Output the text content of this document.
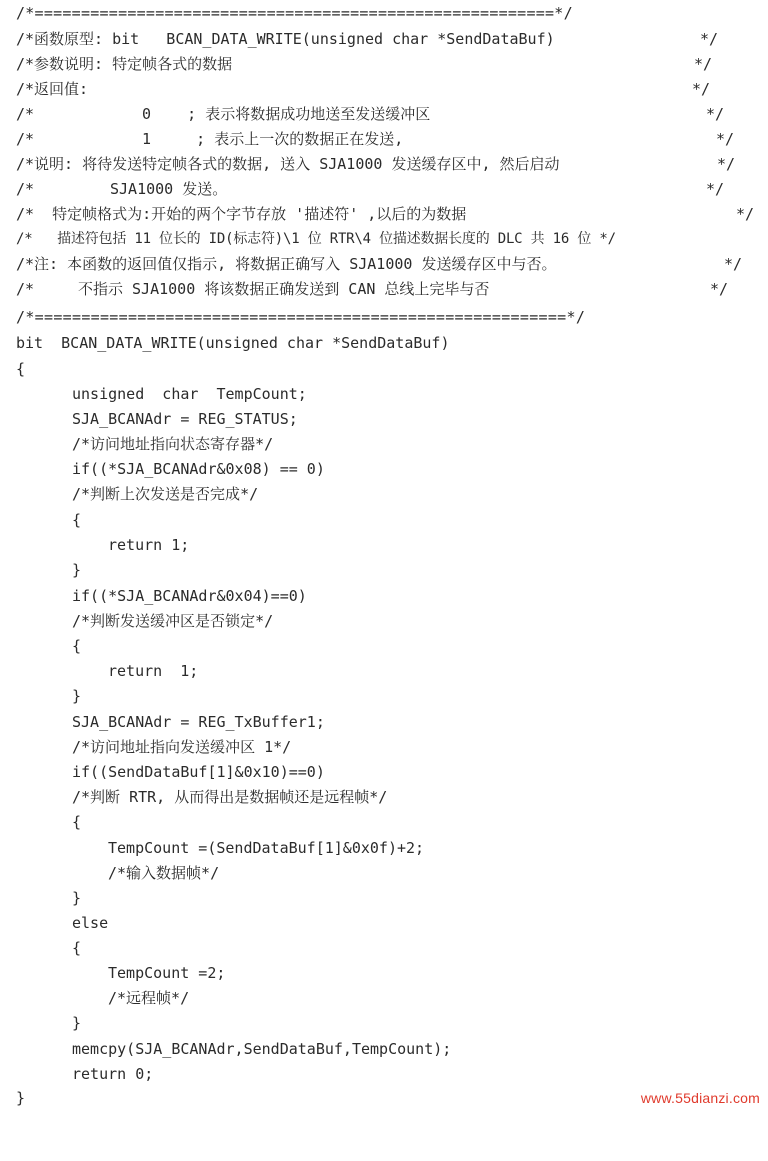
/*========================================================*/

/*函数原型: bit   BCAN_DATA_WRITE(unsigned char *SendDataBuf)

	*/

/*参数说明: 特定帧各式的数据

	*/

/*返回值:

	*/

/*

	0    ; 表示将数据成功地送至发送缓冲区

	*/

/*

	1     ; 表示上一次的数据正在发送,

	*/

/*说明: 将待发送特定帧各式的数据, 送入 SJA1000 发送缓存区中, 然后启动

	*/

/*

	SJA1000 发送。

	*/

/*  特定帧格式为:开始的两个字节存放 '描述符' ,以后的为数据

	*/

/*   描述符包括 11 位长的 ID(标志符)\1 位 RTR\4 位描述数据长度的 DLC 共 16 位 */

/*注: 本函数的返回值仅指示, 将数据正确写入 SJA1000 发送缓存区中与否。

	*/

/*

	不指示 SJA1000 将该数据正确发送到 CAN 总线上完毕与否

	*/

/*=========================================================*/

bit  BCAN_DATA_WRITE(unsigned char *SendDataBuf)

{

unsigned  char  TempCount;

SJA_BCANAdr = REG_STATUS;

/*访问地址指向状态寄存器*/

if((*SJA_BCANAdr&0x08) == 0)

/*判断上次发送是否完成*/

{

return 1;

}

if((*SJA_BCANAdr&0x04)==0)

/*判断发送缓冲区是否锁定*/

{

return  1;

}

SJA_BCANAdr = REG_TxBuffer1;

/*访问地址指向发送缓冲区 1*/

if((SendDataBuf[1]&0x10)==0)

/*判断 RTR, 从而得出是数据帧还是远程帧*/

{

TempCount =(SendDataBuf[1]&0x0f)+2;

/*输入数据帧*/

}

else

{

TempCount =2;

/*远程帧*/

}

memcpy(SJA_BCANAdr,SendDataBuf,TempCount);

return 0;

}

	www.55dianzi.com
